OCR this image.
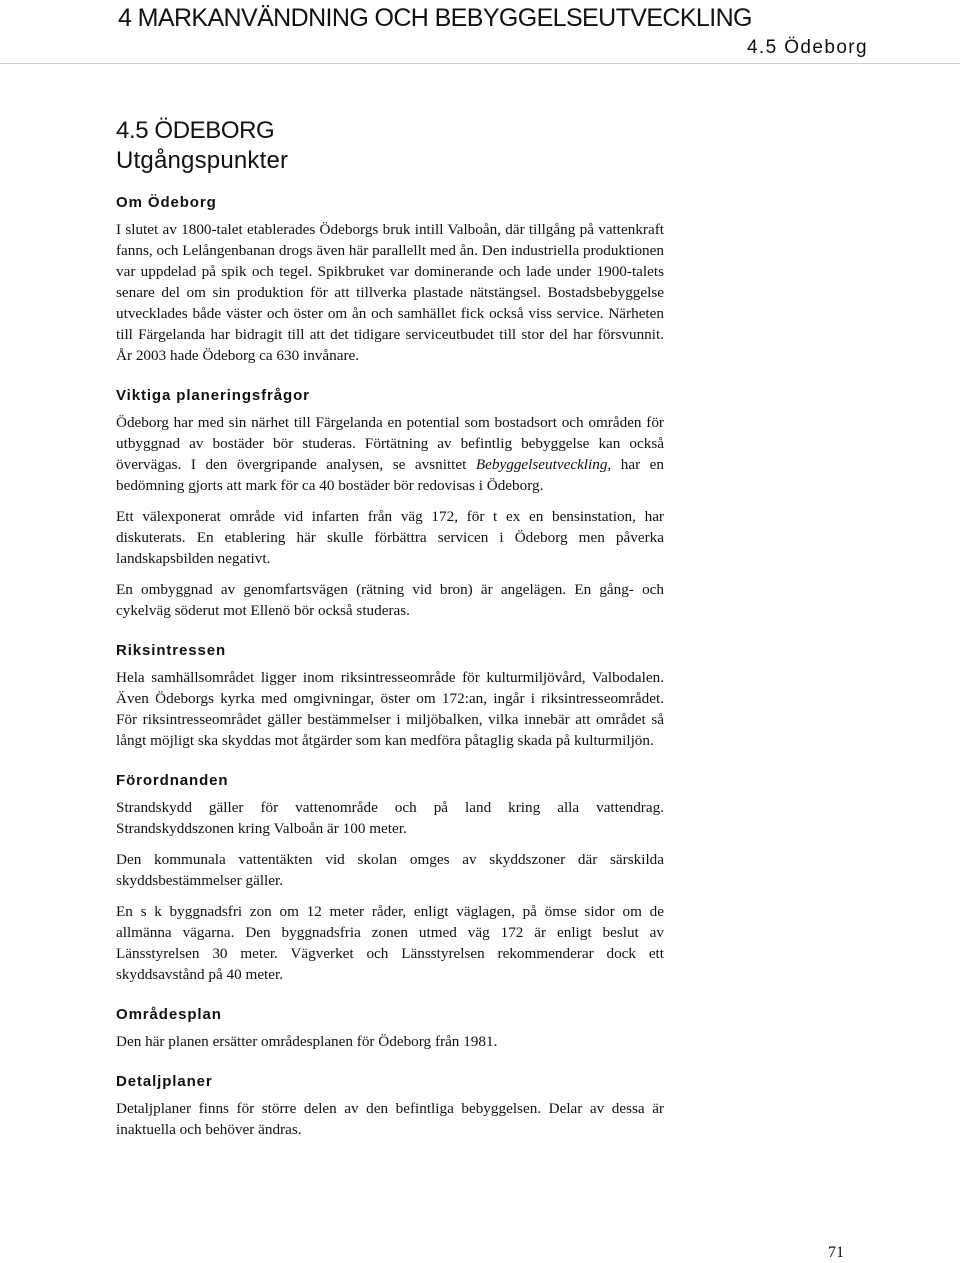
4 MARKANVÄNDNING OCH BEBYGGELSEUTVECKLING
4.5 Ödeborg
4.5 ÖDEBORG
Utgångspunkter
Om Ödeborg

I slutet av 1800-talet etablerades Ödeborgs bruk intill Valboån, där tillgång på vattenkraft fanns, och Lelångenbanan drogs även här parallellt med ån. Den industriella produktionen var uppdelad på spik och tegel. Spikbruket var dominerande och lade under 1900-talets senare del om sin produktion för att tillverka plastade nätstängsel. Bostadsbebyggelse utvecklades både väster och öster om ån och samhället fick också viss service. Närheten till Färgelanda har bidragit till att det tidigare serviceutbudet till stor del har försvunnit. År 2003 hade Ödeborg ca 630 invånare.

Viktiga planeringsfrågor

Ödeborg har med sin närhet till Färgelanda en potential som bostadsort och områden för utbyggnad av bostäder bör studeras. Förtätning av befintlig bebyggelse kan också övervägas. I den övergripande analysen, se avsnittet Bebyggelseutveckling, har en bedömning gjorts att mark för ca 40 bostäder bör redovisas i Ödeborg.

Ett välexponerat område vid infarten från väg 172, för t ex en bensinstation, har diskuterats. En etablering här skulle förbättra servicen i Ödeborg men påverka landskapsbilden negativt.

En ombyggnad av genomfartsvägen (rätning vid bron) är angelägen. En gång- och cykelväg söderut mot Ellenö bör också studeras.

Riksintressen

Hela samhällsområdet ligger inom riksintresseområde för kulturmiljövård, Valbodalen. Även Ödeborgs kyrka med omgivningar, öster om 172:an, ingår i riksintresseområdet. För riksintresseområdet gäller bestämmelser i miljöbalken, vilka innebär att området så långt möjligt ska skyddas mot åtgärder som kan medföra påtaglig skada på kulturmiljön.

Förordnanden

Strandskydd gäller för vattenområde och på land kring alla vattendrag. Strandskyddszonen kring Valboån är 100 meter.

Den kommunala vattentäkten vid skolan omges av skyddszoner där särskilda skyddsbestämmelser gäller.

En s k byggnadsfri zon om 12 meter råder, enligt väglagen, på ömse sidor om de allmänna vägarna. Den byggnadsfria zonen utmed väg 172 är enligt beslut av Länsstyrelsen 30 meter. Vägverket och Länsstyrelsen rekommenderar dock ett skyddsavstånd på 40 meter.

Områdesplan

Den här planen ersätter områdesplanen för Ödeborg från 1981.

Detaljplaner

Detaljplaner finns för större delen av den befintliga bebyggelsen. Delar av dessa är inaktuella och behöver ändras.

71
